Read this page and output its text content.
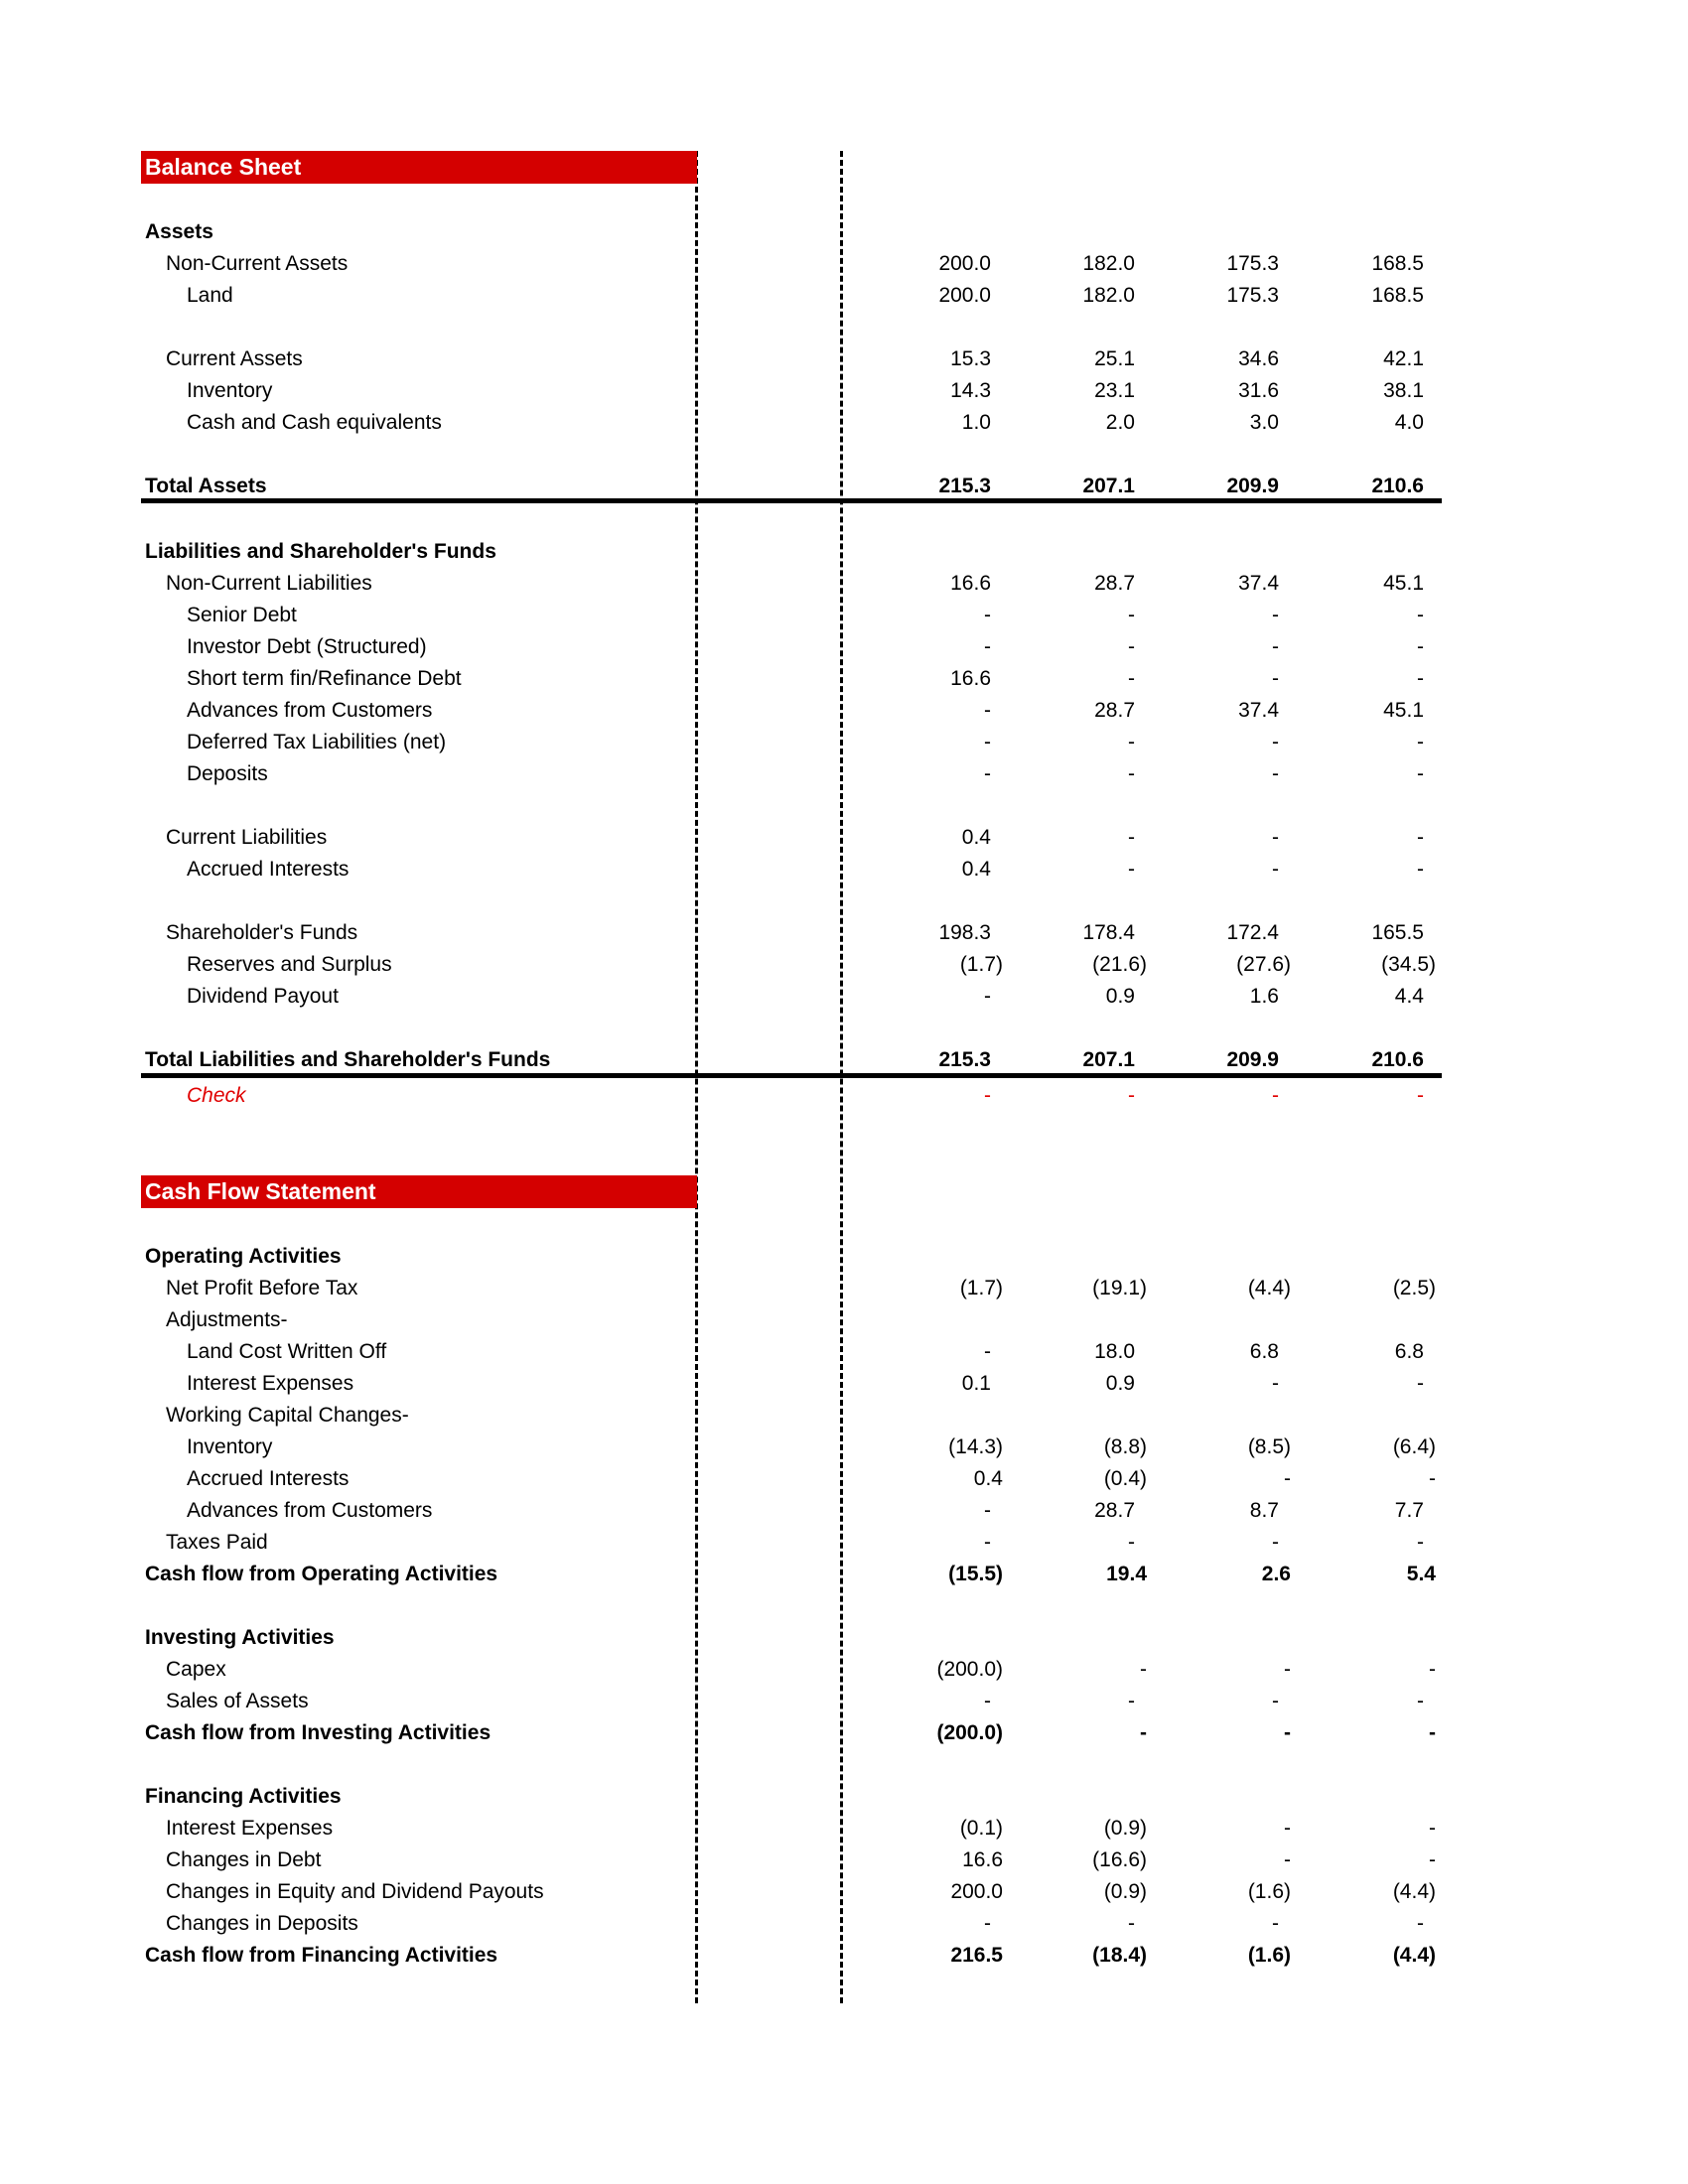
Balance Sheet
Assets
Non-Current Assets	200.0	182.0	175.3	168.5
Land	200.0	182.0	175.3	168.5
Current Assets	15.3	25.1	34.6	42.1
Inventory	14.3	23.1	31.6	38.1
Cash and Cash equivalents	1.0	2.0	3.0	4.0
Total Assets	215.3	207.1	209.9	210.6
Liabilities and Shareholder's Funds
Non-Current Liabilities	16.6	28.7	37.4	45.1
Senior Debt	-	-	-	-
Investor Debt (Structured)	-	-	-	-
Short term fin/Refinance Debt	16.6	-	-	-
Advances from Customers	-	28.7	37.4	45.1
Deferred Tax Liabilities (net)	-	-	-	-
Deposits	-	-	-	-
Current Liabilities	0.4	-	-	-
Accrued Interests	0.4	-	-	-
Shareholder's Funds	198.3	178.4	172.4	165.5
Reserves and Surplus	(1.7)	(21.6)	(27.6)	(34.5)
Dividend Payout	-	0.9	1.6	4.4
Total Liabilities and Shareholder's Funds	215.3	207.1	209.9	210.6
Check	-	-	-	-
Cash Flow Statement
Operating Activities
Net Profit Before Tax	(1.7)	(19.1)	(4.4)	(2.5)
Adjustments-
Land Cost Written Off	-	18.0	6.8	6.8
Interest Expenses	0.1	0.9	-	-
Working Capital Changes-
Inventory	(14.3)	(8.8)	(8.5)	(6.4)
Accrued Interests	0.4	(0.4)	-	-
Advances from Customers	-	28.7	8.7	7.7
Taxes Paid	-	-	-	-
Cash flow from Operating Activities	(15.5)	19.4	2.6	5.4
Investing Activities
Capex	(200.0)	-	-	-
Sales of Assets	-	-	-	-
Cash flow from Investing Activities	(200.0)	-	-	-
Financing Activities
Interest Expenses	(0.1)	(0.9)	-	-
Changes in Debt	16.6	(16.6)	-	-
Changes in Equity and Dividend Payouts	200.0	(0.9)	(1.6)	(4.4)
Changes in Deposits	-	-	-	-
Cash flow from Financing Activities	216.5	(18.4)	(1.6)	(4.4)
